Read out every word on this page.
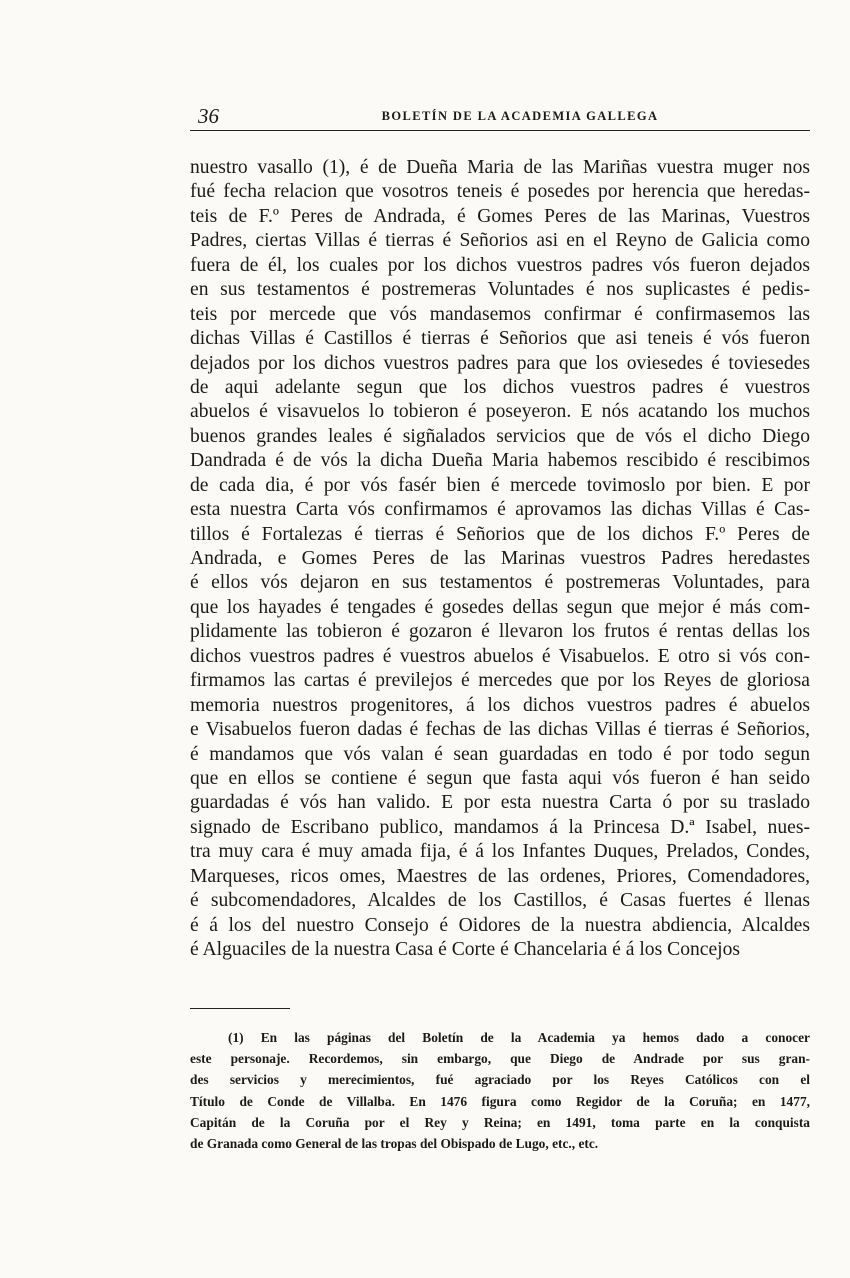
36	BOLETÍN DE LA ACADEMIA GALLEGA
nuestro vasallo (1), é de Dueña Maria de las Mariñas vuestra muger nos
fué fecha relacion que vosotros teneis é posedes por herencia que heredas-
teis de F.º Peres de Andrada, é Gomes Peres de las Marinas, Vuestros
Padres, ciertas Villas é tierras é Señorios asi en el Reyno de Galicia como
fuera de él, los cuales por los dichos vuestros padres vós fueron dejados
en sus testamentos é postremeras Voluntades é nos suplicastes é pedis-
teis por mercede que vós mandasemos confirmar é confirmasemos las
dichas Villas é Castillos é tierras é Señorios que asi teneis é vós fueron
dejados por los dichos vuestros padres para que los oviesedes é toviesedes
de aqui adelante segun que los dichos vuestros padres é vuestros
abuelos é visavuelos lo tobieron é poseyeron. E nós acatando los muchos
buenos grandes leales é sigñalados servicios que de vós el dicho Diego
Dandrada é de vós la dicha Dueña Maria habemos rescibido é rescibimos
de cada dia, é por vós fasér bien é mercede tovimoslo por bien. E por
esta nuestra Carta vós confirmamos é aprovamos las dichas Villas é Cas-
tillos é Fortalezas é tierras é Señorios que de los dichos F.º Peres de
Andrada, e Gomes Peres de las Marinas vuestros Padres heredastes
é ellos vós dejaron en sus testamentos é postremeras Voluntades, para
que los hayades é tengades é gosedes dellas segun que mejor é más com-
plidamente las tobieron é gozaron é llevaron los frutos é rentas dellas los
dichos vuestros padres é vuestros abuelos é Visabuelos. E otro si vós con-
firmamos las cartas é previlejos é mercedes que por los Reyes de gloriosa
memoria nuestros progenitores, á los dichos vuestros padres é abuelos
e Visabuelos fueron dadas é fechas de las dichas Villas é tierras é Señorios,
é mandamos que vós valan é sean guardadas en todo é por todo segun
que en ellos se contiene é segun que fasta aqui vós fueron é han seido
guardadas é vós han valido. E por esta nuestra Carta ó por su traslado
signado de Escribano publico, mandamos á la Princesa D.ª Isabel, nues-
tra muy cara é muy amada fija, é á los Infantes Duques, Prelados, Condes,
Marqueses, ricos omes, Maestres de las ordenes, Priores, Comendadores,
é subcomendadores, Alcaldes de los Castillos, é Casas fuertes é llenas
é á los del nuestro Consejo é Oidores de la nuestra abdiencia, Alcaldes
é Alguaciles de la nuestra Casa é Corte é Chancelaria é á los Concejos
(1) En las páginas del Boletín de la Academia ya hemos dado a conocer
este personaje. Recordemos, sin embargo, que Diego de Andrade por sus gran-
des servicios y merecimientos, fué agraciado por los Reyes Católicos con el
Título de Conde de Villalba. En 1476 figura como Regidor de la Coruña; en 1477,
Capitán de la Coruña por el Rey y Reina; en 1491, toma parte en la conquista
de Granada como General de las tropas del Obispado de Lugo, etc., etc.
